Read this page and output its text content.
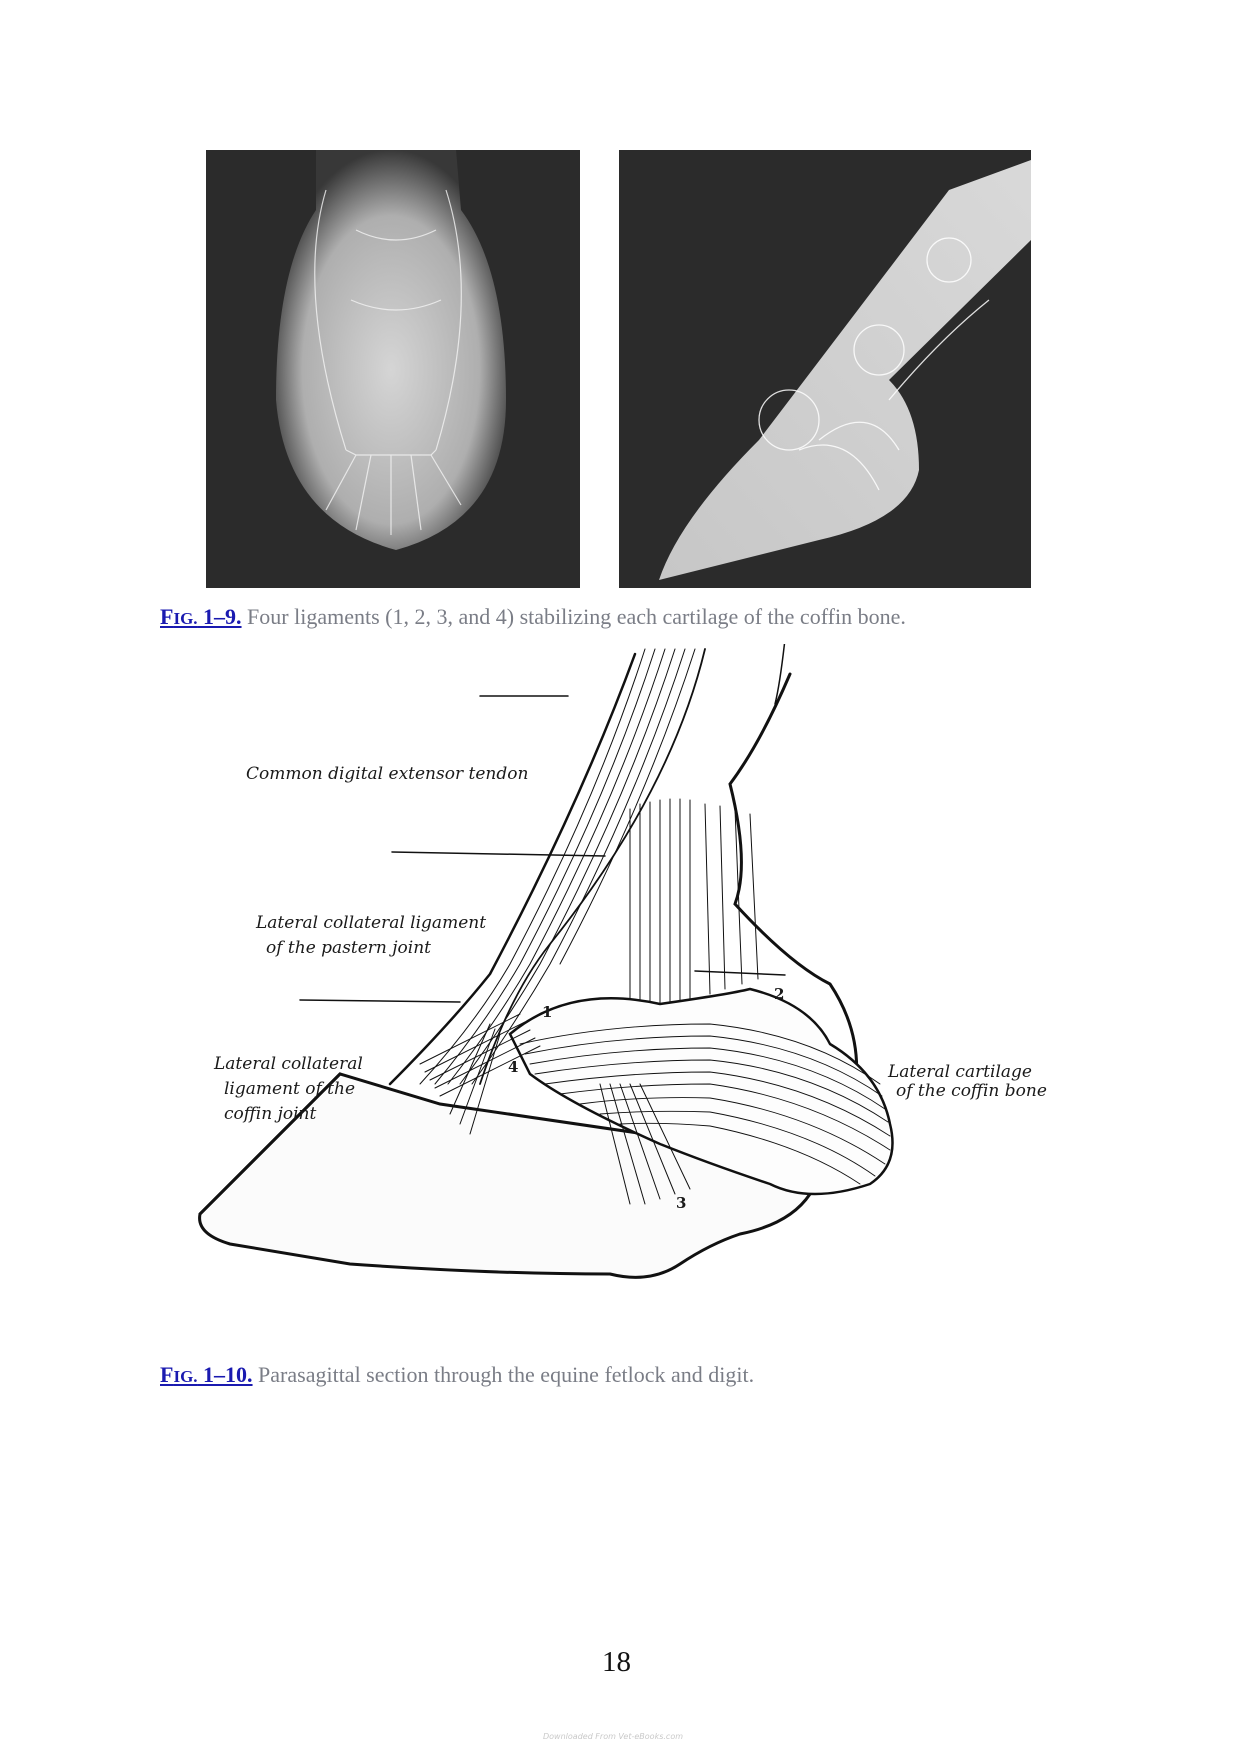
FIG. 1–9. Four ligaments (1, 2, 3, and 4) stabilizing each cartilage of the coffin bone.
Common digital extensor tendon
Lateral collateral ligament
of the pastern joint
Lateral collateral
ligament of the
coffin joint
Lateral cartilage
of the coffin bone
1
2
3
4
FIG. 1–10. Parasagittal section through the equine fetlock and digit.
18
Downloaded From Vet-eBooks.com
